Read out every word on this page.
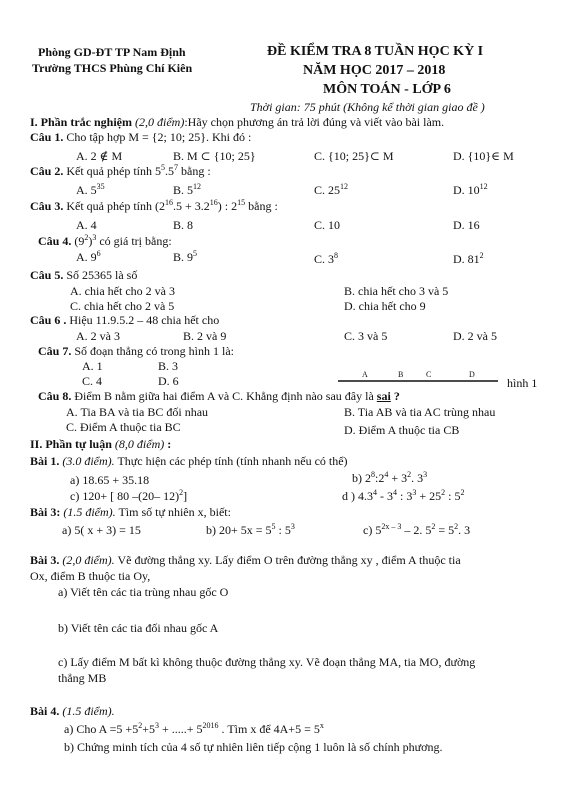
Phòng GD-ĐT TP Nam Định
Trường THCS Phùng Chí Kiên
ĐỀ KIỂM TRA 8 TUẦN HỌC KỲ I
NĂM HỌC 2017 – 2018
MÔN TOÁN - LỚP 6
Thời gian: 75 phút (Không kể thời gian giao đề )
I. Phần trắc nghiệm (2,0 điểm):Hãy chọn phương án trả lời đúng và viết vào bài làm.
Câu 1. Cho tập hợp M = {2; 10; 25}. Khi đó :
A. 2 ∉ M	B. M ⊂ {10; 25}	C. {10; 25}⊂ M	D. {10}∈ M
Câu 2. Kết quả phép tính $5^5.5^7$ bằng :
A. $5^{35}$	B. $5^{12}$	C. $25^{12}$	D. $10^{12}$
Câu 3. Kết quả phép tính $(2^{16}.5 + 3.2^{16})$ : $2^{15}$ bằng :
A. 4	B. 8	C. 10	D. 16
Câu 4. $(9^2)^3$ có giá trị bằng:
A. $9^6$	B. $9^5$	C. $3^8$	D. $81^2$
Câu 5. Số 25365 là số
A. chia hết cho 2 và 3	B. chia hết cho 3 và 5
C. chia hết cho 2 và 5	D. chia hết cho 9
Câu 6 . Hiệu 11.9.5.2 – 48 chia hết cho
A. 2 và 3	B. 2 và 9	C. 3 và 5	D. 2 và 5
Câu 7. Số đoạn thẳng có trong hình 1 là:
A. 1	B. 3
C. 4	D. 6	A	B	C	D
hình 1
Câu 8. Điểm B nằm giữa hai điểm A và C. Khẳng định nào sau đây là sai ?
A. Tia BA và tia BC đối nhau	B. Tia AB và tia AC trùng nhau
C. Điểm A thuộc tia BC	D. Điểm A thuộc tia CB
II. Phần tự luận (8,0 điểm) :
Bài 1. (3.0 điểm). Thực hiện các phép tính (tính nhanh nếu có thể)
a) 18.65 + 35.18	b) $2^8:2^4 + 3^2$. $3^3$
c) 120+ [ 80 –(20– 12)$^2$]	d ) $4.3^4 - 3^4$ : $3^3 + 25^2$ : $5^2$
Bài 3: (1.5 điểm). Tìm số tự nhiên x, biết:
a) 5( x + 3) = 15	b) $20+ 5x = 5^5$ : $5^3$	c) $5^{2x - 3} - 2$. $5^2 = 5^2$. 3
Bài 3. (2,0 điểm). Vẽ đường thẳng xy. Lấy điểm O trên đường thẳng xy , điểm A thuộc tia
Ox, điểm B thuộc tia Oy,
a) Viết tên các tia trùng nhau gốc O
b) Viết tên các tia đối nhau gốc A
c) Lấy điểm M bất kì không thuộc đường thẳng xy. Vẽ đoạn thẳng MA, tia MO, đường
thẳng MB
Bài 4. (1.5 điểm).
a) Cho $A =5 +5^2+5^3$ + .....+ $5^{2016}$ . Tìm x để $4A+5 = 5^x$
b) Chứng minh tích của 4 số tự nhiên liên tiếp cộng 1 luôn là số chính phương.
